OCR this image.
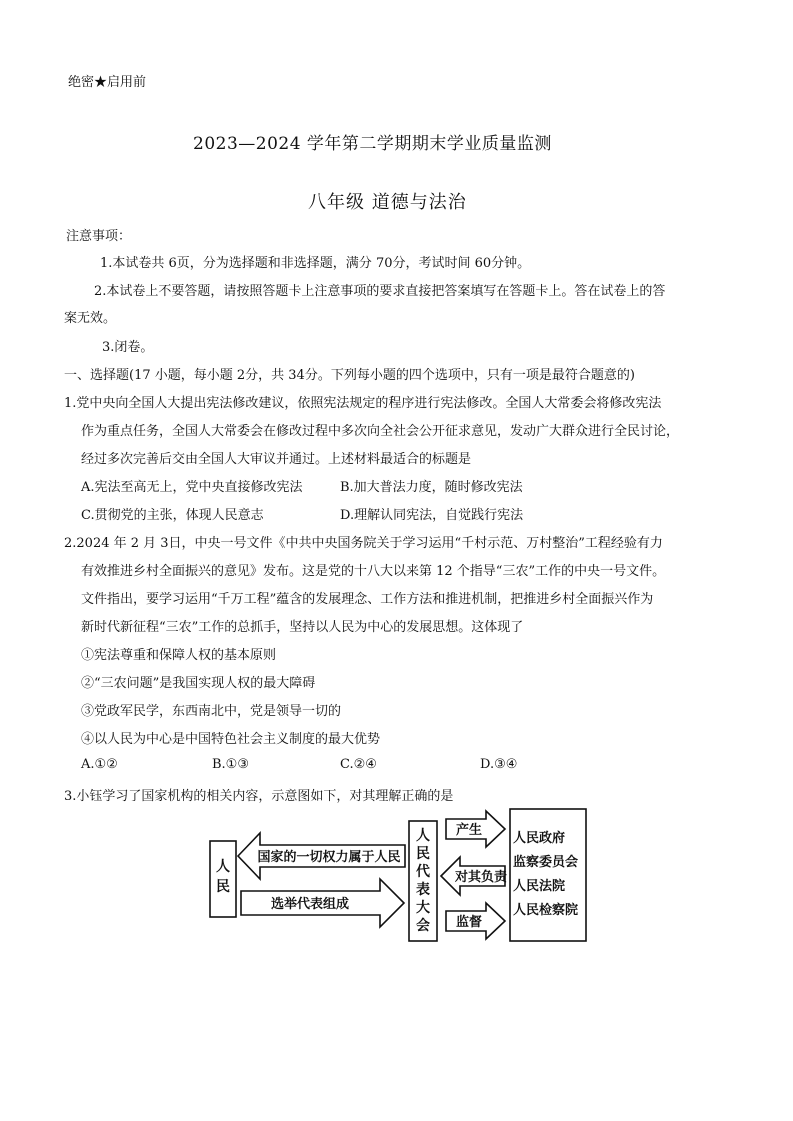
绝密★启用前
2023—2024 学年第二学期期末学业质量监测
八年级 道德与法治
注意事项：
1.本试卷共 6页，分为选择题和非选择题，满分 70分，考试时间 60分钟。
2.本试卷上不要答题，请按照答题卡上注意事项的要求直接把答案填写在答题卡上。答在试卷上的答
案无效。
3.闭卷。
一、选择题(17 小题，每小题 2分，共 34分。下列每小题的四个选项中，只有一项是最符合题意的)
1.党中央向全国人大提出宪法修改建议，依照宪法规定的程序进行宪法修改。全国人大常委会将修改宪法
作为重点任务，全国人大常委会在修改过程中多次向全社会公开征求意见，发动广大群众进行全民讨论，
经过多次完善后交由全国人大审议并通过。上述材料最适合的标题是
A.宪法至高无上，党中央直接修改宪法	B.加大普法力度，随时修改宪法
C.贯彻党的主张，体现人民意志	D.理解认同宪法，自觉践行宪法
2.2024 年 2 月 3日，中央一号文件《中共中央国务院关于学习运用“千村示范、万村整治”工程经验有力
有效推进乡村全面振兴的意见》发布。这是党的十八大以来第 12 个指导“三农”工作的中央一号文件。
文件指出，要学习运用“千万工程”蕴含的发展理念、工作方法和推进机制，把推进乡村全面振兴作为
新时代新征程“三农”工作的总抓手，坚持以人民为中心的发展思想。这体现了
①宪法尊重和保障人权的基本原则
②“三农问题”是我国实现人权的最大障碍
③党政军民学，东西南北中，党是领导一切的
④以人民为中心是中国特色社会主义制度的最大优势
A.①②	B.①③	C.②④	D.③④
3.小钰学习了国家机构的相关内容，示意图如下，对其理解正确的是
人
民
国家的一切权力属于人民
选举代表组成
人
民
代
表
大
会
产生
对其负责
监督
人民政府
监察委员会
人民法院
人民检察院
